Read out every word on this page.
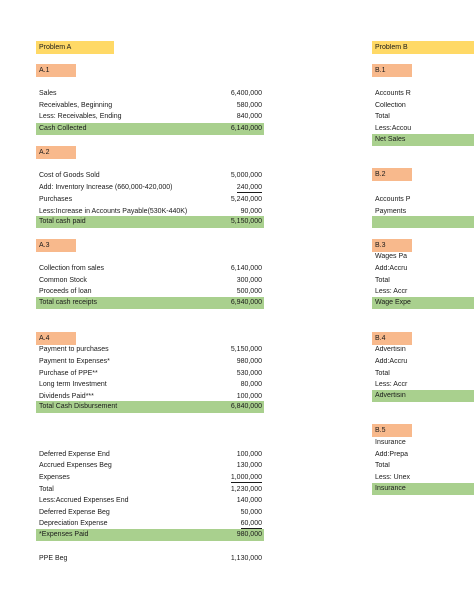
Problem A
A.1
Sales	6,400,000
Receivables, Beginning	580,000
Less: Receivables, Ending	840,000
Cash Collected	6,140,000
A.2
Cost of Goods Sold	5,000,000
Add: Inventory Increase (660,000-420,000)	240,000
Purchases	5,240,000
Less:Increase in Accounts Payable(530K-440K)	90,000
Total cash paid	5,150,000
A.3
Collection from sales	6,140,000
Common Stock	300,000
Proceeds of loan	500,000
Total cash receipts	6,940,000
A.4
Payment to purchases	5,150,000
Payment to Expenses*	980,000
Purchase of PPE**	530,000
Long term Investment	80,000
Dividends Paid***	100,000
Total Cash Disbursement	6,840,000
Deferred Expense End	100,000
Accrued Expenses Beg	130,000
Expenses	1,000,000
Total	1,230,000
Less:Accrued Expenses End	140,000
Deferred Expense Beg	50,000
Depreciation Expense	60,000
*Expenses Paid	980,000
PPE Beg	1,130,000
Problem B
B.1
Accounts R
Collection
Total
Less:Accou
Net Sales
B.2
Accounts P
Payments
B.3
Wages Pa
Add:Accru
Total
Less: Accr
Wage Expe
B.4
Advertisin
Add:Accru
Total
Less: Accr
Advertisin
B.5
Insurance
Add:Prepa
Total
Less: Unex
Insurance
